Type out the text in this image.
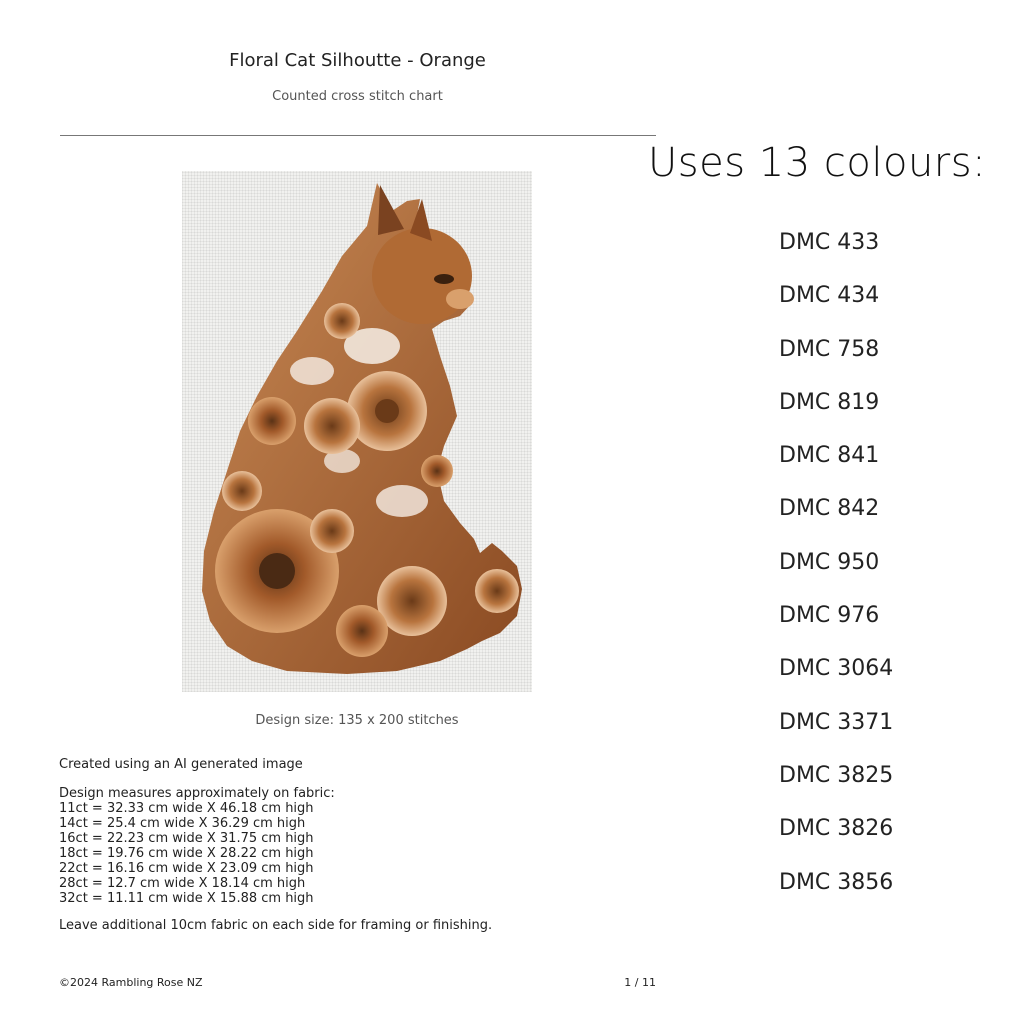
Floral Cat Silhoutte - Orange
Counted cross stitch chart
Design size: 135 x 200 stitches
Created using an AI generated image
Design measures approximately on fabric:
11ct = 32.33 cm wide X 46.18 cm high
14ct = 25.4 cm wide X 36.29 cm high
16ct = 22.23 cm wide X 31.75 cm high
18ct = 19.76 cm wide X 28.22 cm high
22ct = 16.16 cm wide X 23.09 cm high
28ct = 12.7 cm wide X 18.14 cm high
32ct = 11.11 cm wide X 15.88 cm high
Leave additional 10cm fabric on each side for framing or finishing.
©2024 Rambling Rose NZ	1 / 11
Uses 13 colours:
DMC 433
DMC 434
DMC 758
DMC 819
DMC 841
DMC 842
DMC 950
DMC 976
DMC 3064
DMC 3371
DMC 3825
DMC 3826
DMC 3856
